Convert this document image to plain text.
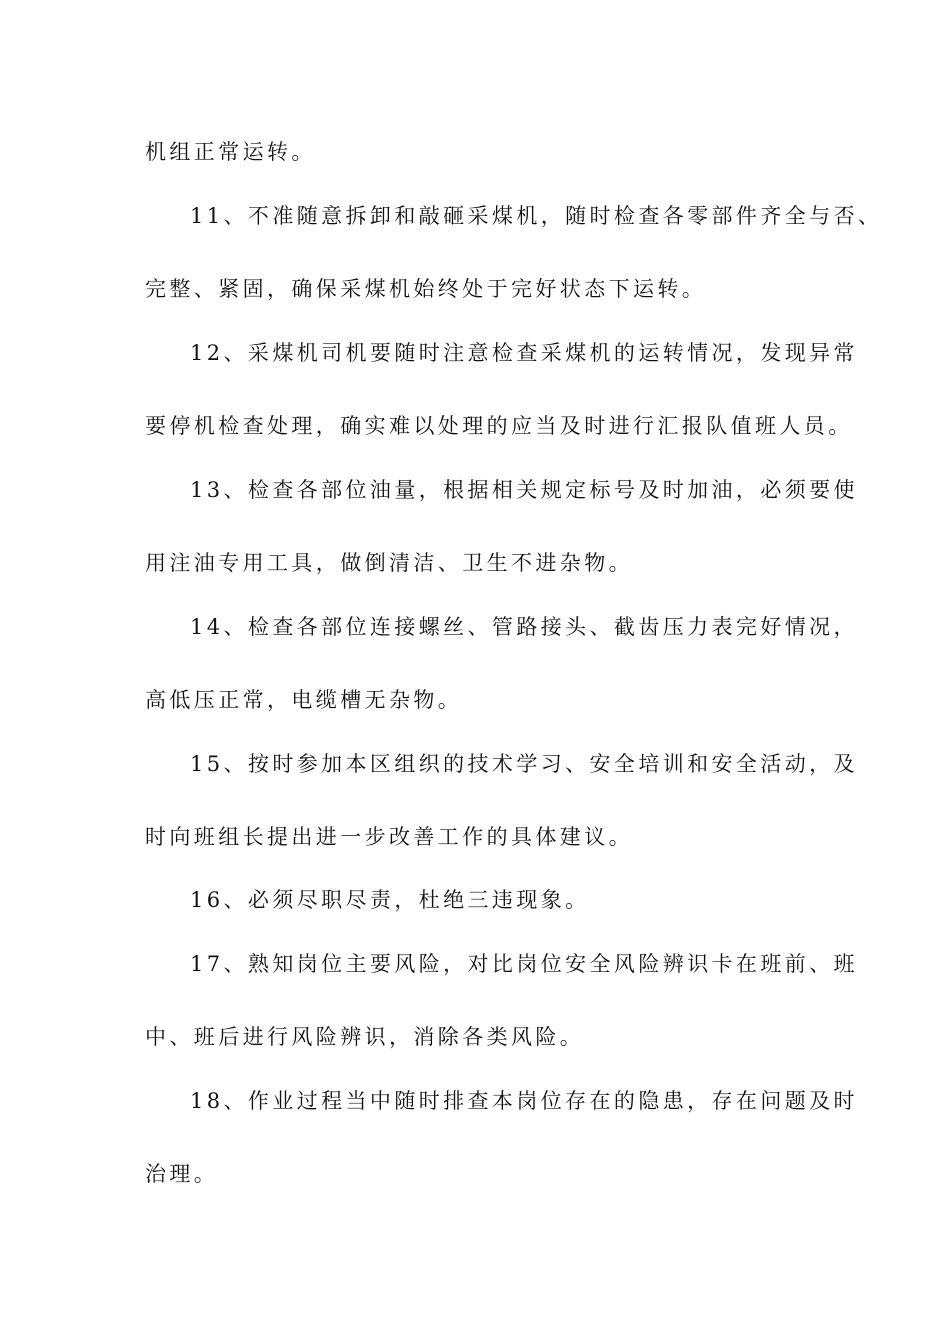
机组正常运转。
11、不准随意拆卸和敲砸采煤机，随时检查各零部件齐全与否、
完整、紧固，确保采煤机始终处于完好状态下运转。
12、采煤机司机要随时注意检查采煤机的运转情况，发现异常
要停机检查处理，确实难以处理的应当及时进行汇报队值班人员。
13、检查各部位油量，根据相关规定标号及时加油，必须要使
用注油专用工具，做倒清洁、卫生不进杂物。
14、检查各部位连接螺丝、管路接头、截齿压力表完好情况，
高低压正常，电缆槽无杂物。
15、按时参加本区组织的技术学习、安全培训和安全活动，及
时向班组长提出进一步改善工作的具体建议。
16、必须尽职尽责，杜绝三违现象。
17、熟知岗位主要风险，对比岗位安全风险辨识卡在班前、班
中、班后进行风险辨识，消除各类风险。
18、作业过程当中随时排查本岗位存在的隐患，存在问题及时
治理。
